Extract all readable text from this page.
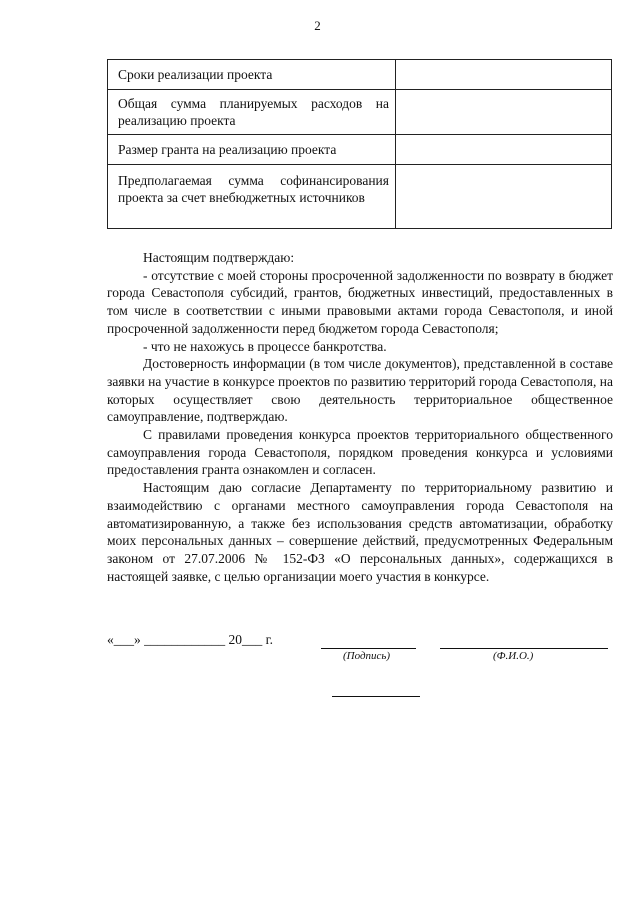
2
Сроки реализации проекта	

Общая сумма планируемых расходов на реализацию проекта	

Размер гранта на реализацию проекта	

Предполагаемая сумма софинансирования проекта за счет внебюджетных источников	

Настоящим подтверждаю:

- отсутствие с моей стороны просроченной задолженности по возврату в бюджет города Севастополя субсидий, грантов, бюджетных инвестиций, предоставленных в том числе в соответствии с иными правовыми актами города Севастополя, и иной просроченной задолженности перед бюджетом города Севастополя;

- что не нахожусь в процессе банкротства.

Достоверность информации (в том числе документов), представленной в составе заявки на участие в конкурсе проектов по развитию территорий города Севастополя, на которых осуществляет свою деятельность территориальное общественное самоуправление, подтверждаю.

С правилами проведения конкурса проектов территориального общественного самоуправления города Севастополя, порядком проведения конкурса и условиями предоставления гранта ознакомлен и согласен.

Настоящим даю согласие Департаменту по территориальному развитию и взаимодействию с органами местного самоуправления города Севастополя на автоматизированную, а также без использования средств автоматизации, обработку моих персональных данных – совершение действий, предусмотренных Федеральным законом от 27.07.2006 № 152-ФЗ «О персональных данных», содержащихся в настоящей заявке, с целью организации моего участия в конкурсе.

«___» ____________ 20___ г.
(Подпись)	(Ф.И.О.)
